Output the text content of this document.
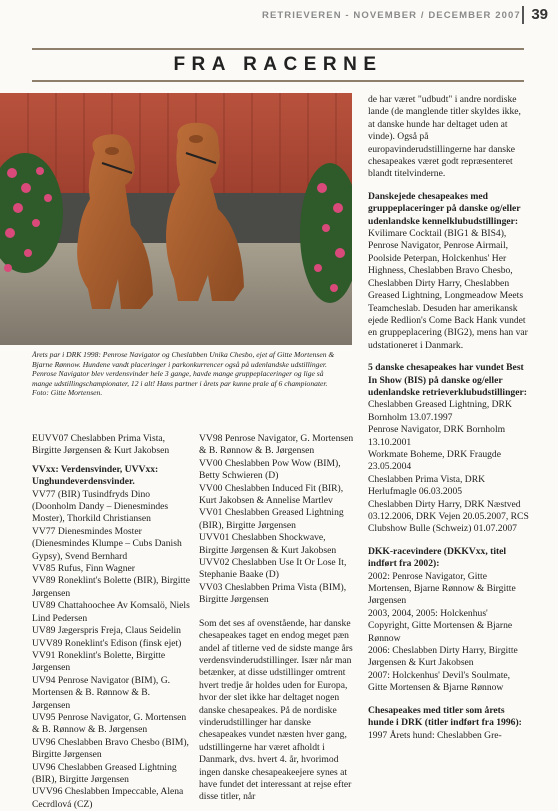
RETRIEVEREN - NOVEMBER / DECEMBER 2007 39
FRA RACERNE
Årets par i DRK 1998: Penrose Navigator og Cheslabben Unika Chesbo, ejet af Gitte Mortensen & Bjarne Rønnow. Hundene vandt placeringer i parkonkurrencer også på udenlandske udstillinger. Penrose Navigator blev verdensvinder hele 3 gange, havde mange gruppeplaceringer og lige så mange udstillingschampionater, 12 i alt! Hans partner i årets par kunne prale af 6 championater. Foto: Gitte Mortensen.

EUVV07 Cheslabben Prima Vista, Birgitte Jørgensen & Kurt Jakobsen

VVxx: Verdensvinder, UVVxx: Unghundeverdensvinder.

VV77 (BIR) Tusindfryds Dino (Doonholm Dandy – Dienesmindes Moster), Thorkild Christiansen

VV77 Dienesmindes Moster (Dienesmindes Klumpe – Cubs Danish Gypsy), Svend Bernhard

VV85 Rufus, Finn Wagner

VV89 Roneklint's Bolette (BIR), Birgitte Jørgensen

UV89 Chattahoochee Av Komsalö, Niels Lind Pedersen

UV89 Jægerspris Freja, Claus Seidelin

UVV89 Roneklint's Edison (finsk ejet)

VV91 Roneklint's Bolette, Birgitte Jørgensen

UV94 Penrose Navigator (BIM), G. Mortensen & B. Rønnow & B. Jørgensen

UV95 Penrose Navigator, G. Mortensen & B. Rønnow & B. Jørgensen

UV96 Cheslabben Bravo Chesbo (BIM), Birgitte Jørgensen

UV96 Cheslabben Greased Lightning (BIR), Birgitte Jørgensen

UVV96 Cheslabben Impeccable, Alena Cecrdlová (CZ)

VV98 Penrose Navigator, G. Mortensen & B. Rønnow & B. Jørgensen

VV00 Cheslabben Pow Wow (BIM), Betty Schwieren (D)

VV00 Cheslabben Induced Fit (BIR), Kurt Jakobsen & Annelise Martlev

VV01 Cheslabben Greased Lightning (BIR), Birgitte Jørgensen

UVV01 Cheslabben Shockwave, Birgitte Jørgensen & Kurt Jakobsen

UVV02 Cheslabben Use It Or Lose It, Stephanie Baake (D)

VV03 Cheslabben Prima Vista (BIM), Birgitte Jørgensen

Som det ses af ovenstående, har danske chesapeakes taget en endog meget pæn andel af titlerne ved de sidste mange års verdensvinderudstillinger. Især når man betænker, at disse udstillinger omtrent hvert tredje år holdes uden for Europa, hvor der slet ikke har deltaget nogen danske chesapeakes. På de nordiske vinderudstillinger har danske chesapeakes vundet næsten hver gang, udstillingerne har været afholdt i Danmark, dvs. hvert 4. år, hvorimod ingen danske chesapeakeejere synes at have fundet det interessant at rejse efter disse titler, når

de har været "udbudt" i andre nordiske lande (de manglende titler skyldes ikke, at danske hunde har deltaget uden at vinde). Også på europavinderudstillingerne har danske chesapeakes været godt repræsenteret blandt titelvinderne.

Danskejede chesapeakes med gruppeplaceringer på danske og/eller udenlandske kennelklubudstillinger:

Kvilimare Cocktail (BIG1 & BIS4), Penrose Navigator, Penrose Airmail, Poolside Peterpan, Holckenhus' Her Highness, Cheslabben Bravo Chesbo, Cheslabben Dirty Harry, Cheslabben Greased Lightning, Longmeadow Meets Teamcheslab. Desuden har amerikansk ejede Redlion's Come Back Hank vundet en gruppeplacering (BIG2), mens han var udstationeret i Danmark.

5 danske chesapeakes har vundet Best In Show (BIS) på danske og/eller udenlandske retrieverklubudstillinger:

Cheslabben Greased Lightning, DRK Bornholm 13.07.1997

Penrose Navigator, DRK Bornholm 13.10.2001

Workmate Boheme, DRK Fraugde 23.05.2004

Cheslabben Prima Vista, DRK Herlufmagle 06.03.2005

Cheslabben Dirty Harry, DRK Næstved 03.12.2006, DRK Vejen 20.05.2007, RCS Clubshow Bulle (Schweiz) 01.07.2007

DKK-racevindere (DKKVxx, titel indført fra 2002):

2002: Penrose Navigator, Gitte Mortensen, Bjarne Rønnow & Birgitte Jørgensen

2003, 2004, 2005: Holckenhus' Copyright, Gitte Mortensen & Bjarne Rønnow

2006: Cheslabben Dirty Harry, Birgitte Jørgensen & Kurt Jakobsen

2007: Holckenhus' Devil's Soulmate, Gitte Mortensen & Bjarne Rønnow

Chesapeakes med titler som årets hunde i DRK (titler indført fra 1996):

1997 Årets hund: Cheslabben Gre-
